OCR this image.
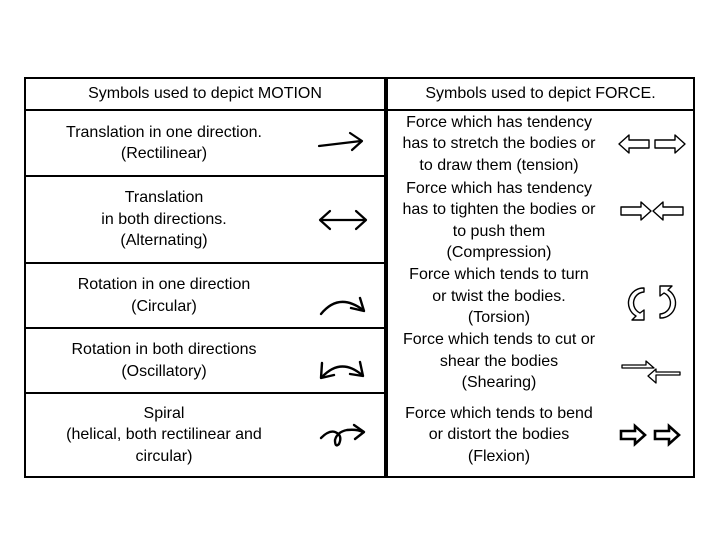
Symbols used to depict MOTION
Translation in one direction.
(Rectilinear)
Translation
in both directions.
(Alternating)
Rotation in one direction
(Circular)
Rotation in both directions
(Oscillatory)
Spiral
(helical, both rectilinear and
circular)
Symbols used to depict FORCE.
Force which has tendency
has to stretch the bodies or
to draw them (tension)
Force which has tendency
has to tighten the bodies or
to push them
(Compression)
Force which tends to turn
or twist the bodies.
(Torsion)
Force which tends to cut or
shear the bodies
(Shearing)
Force which tends to bend
or distort the bodies
(Flexion)
